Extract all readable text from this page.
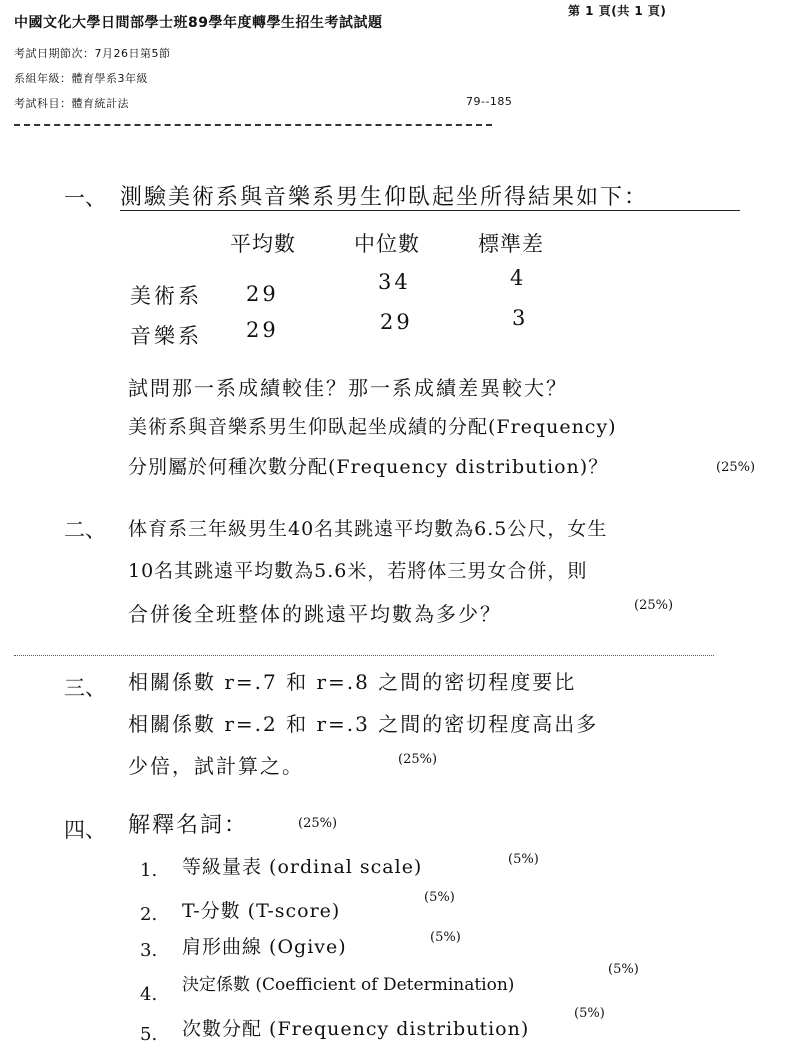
中國文化大學日間部學士班89學年度轉學生招生考試試題
第 1 頁(共 1 頁)
考試日期節次：7月26日第5節
系組年級：體育學系3年級
考試科目：體育統計法	79--185
一、 測驗美術系與音樂系男生仰臥起坐所得結果如下：
平均數	中位數	標準差
美術系 29	34	4
音樂系 29	29	3
試問那一系成績較佳？那一系成績差異較大？
美術系與音樂系男生仰臥起坐成績的分配(Frequency)
分別屬於何種次數分配(Frequency distribution)？	(25%)
二、 体育系三年級男生40名其跳遠平均數為6.5公尺，女生
10名其跳遠平均數為5.6米，若將体三男女合併，則
合併後全班整体的跳遠平均數為多少？	(25%)
三、 相關係數 r=.7 和 r=.8 之間的密切程度要比
相關係數 r=.2 和 r=.3 之間的密切程度高出多
少倍，試計算之。	(25%)
四、 解釋名詞：	(25%)
1. 等級量表 (ordinal scale)	(5%)
2. T-分數 (T-score)
(5%)
3. 肩形曲線 (Ogive)	(5%)
4. 決定係數 (Coefficient of Determination)
(5%)
5. 次數分配 (Frequency distribution)
(5%)
